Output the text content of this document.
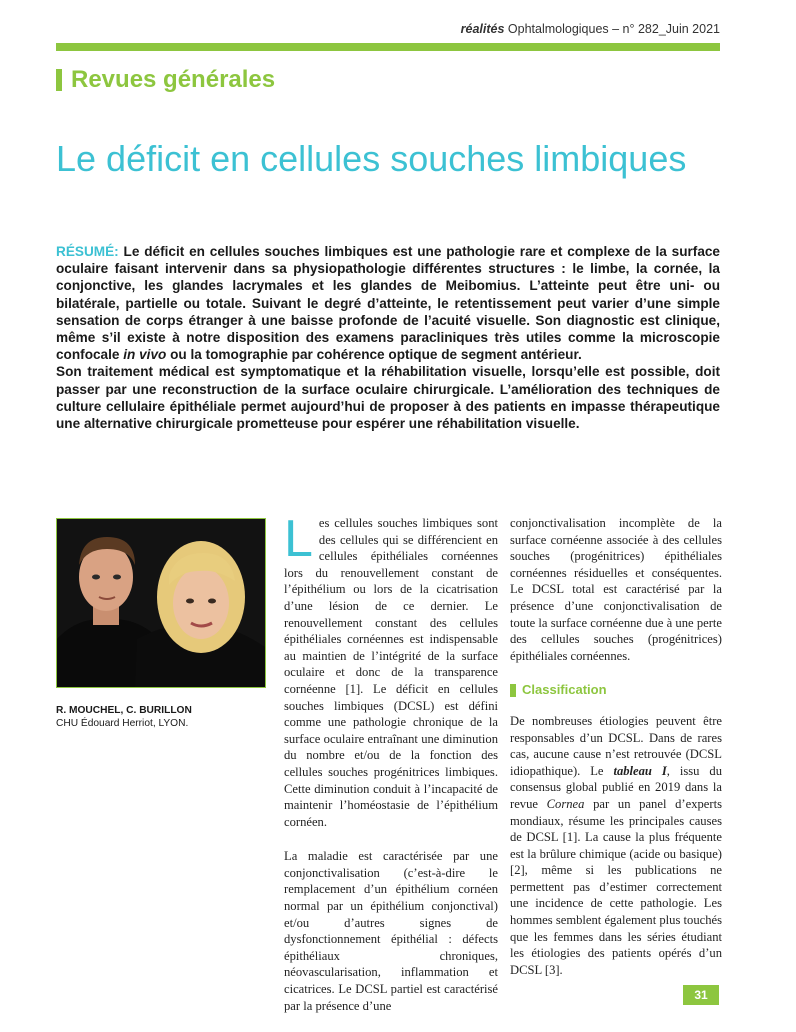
réalités Ophtalmologiques – n° 282_Juin 2021
Revues générales
Le déficit en cellules souches limbiques

RÉSUMÉ: Le déficit en cellules souches limbiques est une pathologie rare et complexe de la surface oculaire faisant intervenir dans sa physiopathologie différentes structures : le limbe, la cornée, la conjonctive, les glandes lacrymales et les glandes de Meibomius. L’atteinte peut être uni- ou bilatérale, partielle ou totale. Suivant le degré d’atteinte, le retentissement peut varier d’une simple sensation de corps étranger à une baisse profonde de l’acuité visuelle. Son diagnostic est clinique, même s’il existe à notre disposition des examens paracliniques très utiles comme la microscopie confocale in vivo ou la tomographie par cohérence optique de segment antérieur.

Son traitement médical est symptomatique et la réhabilitation visuelle, lorsqu’elle est possible, doit passer par une reconstruction de la surface oculaire chirurgicale. L’amélioration des techniques de culture cellulaire épithéliale permet aujourd’hui de proposer à des patients en impasse thérapeutique une alternative chirurgicale prometteuse pour espérer une réhabilitation visuelle.

R. MOUCHEL, C. BURILLON
CHU Édouard Herriot, LYON.

Les cellules souches limbiques sont des cellules qui se différencient en cellules épithéliales cornéennes lors du renouvellement constant de l’épithélium ou lors de la cicatrisation d’une lésion de ce dernier. Le renouvellement constant des cellules épithéliales cornéennes est indispensable au maintien de l’intégrité de la surface oculaire et donc de la transparence cornéenne [1]. Le déficit en cellules souches limbiques (DCSL) est défini comme une pathologie chronique de la surface oculaire entraînant une diminution du nombre et/ou de la fonction des cellules souches progénitrices limbiques. Cette diminution conduit à l’incapacité de maintenir l’homéostasie de l’épithélium cornéen.

La maladie est caractérisée par une conjonctivalisation (c’est-à-dire le remplacement d’un épithélium cornéen normal par un épithélium conjonctival) et/ou d’autres signes de dysfonctionnement épithélial : défects épithéliaux chroniques, néovascularisation, inflammation et cicatrices. Le DCSL partiel est caractérisé par la présence d’une

conjonctivalisation incomplète de la surface cornéenne associée à des cellules souches (progénitrices) épithéliales cornéennes résiduelles et conséquentes. Le DCSL total est caractérisé par la présence d’une conjonctivalisation de toute la surface cornéenne due à une perte des cellules souches (progénitrices) épithéliales cornéennes.

Classification

De nombreuses étiologies peuvent être responsables d’un DCSL. Dans de rares cas, aucune cause n’est retrouvée (DCSL idiopathique). Le tableau I, issu du consensus global publié en 2019 dans la revue Cornea par un panel d’experts mondiaux, résume les principales causes de DCSL [1]. La cause la plus fréquente est la brûlure chimique (acide ou basique) [2], même si les publications ne permettent pas d’estimer correctement une incidence de cette pathologie. Les hommes semblent également plus touchés que les femmes dans les séries étudiant les étiologies des patients opérés d’un DCSL [3].

31
